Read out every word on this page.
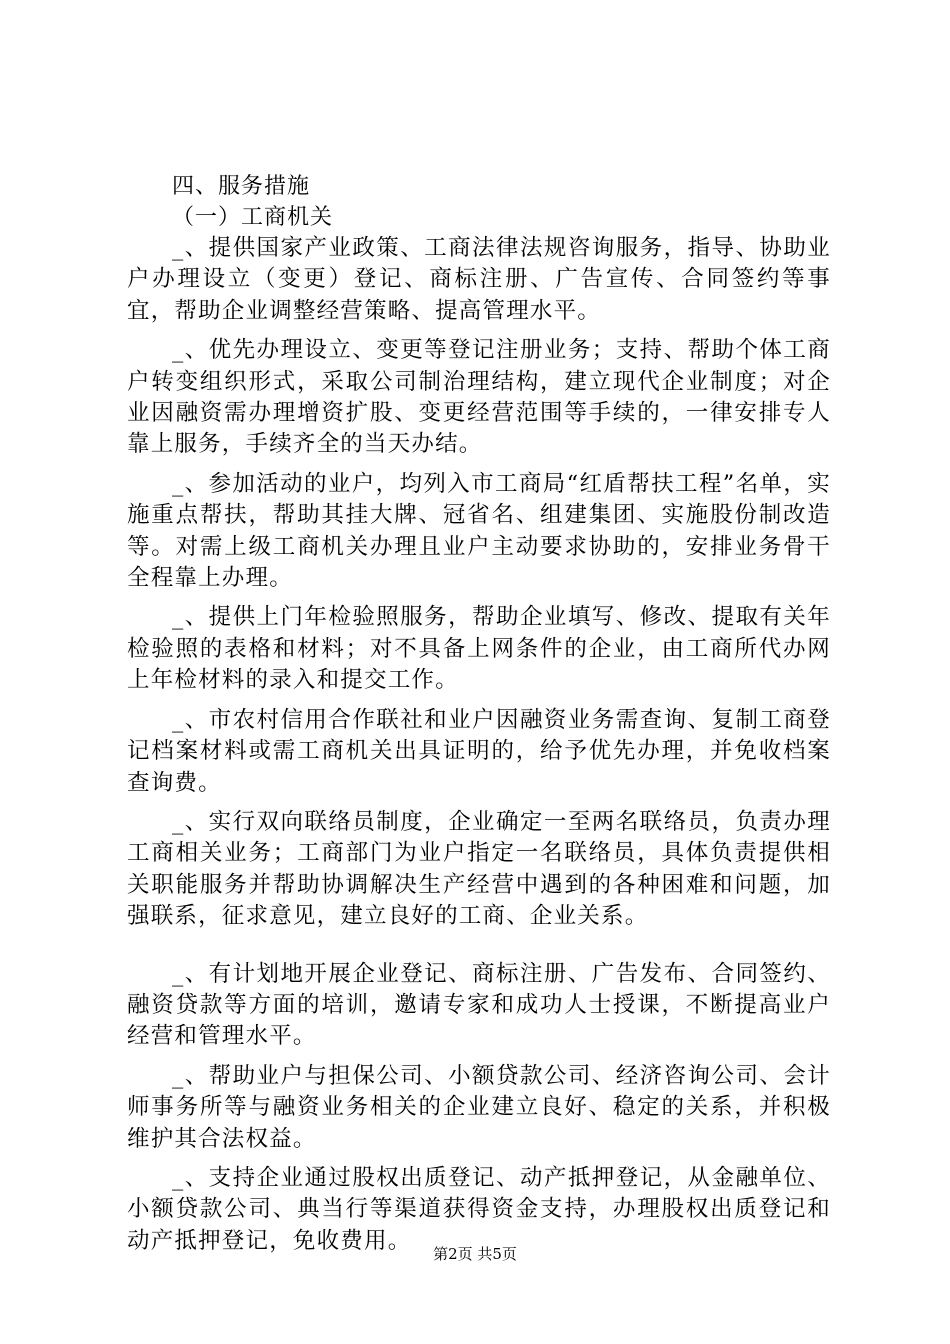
四、服务措施
（一）工商机关

_、提供国家产业政策、工商法律法规咨询服务，指导、协助业户办理设立（变更）登记、商标注册、广告宣传、合同签约等事宜，帮助企业调整经营策略、提高管理水平。

_、优先办理设立、变更等登记注册业务；支持、帮助个体工商户转变组织形式，采取公司制治理结构，建立现代企业制度；对企业因融资需办理增资扩股、变更经营范围等手续的，一律安排专人靠上服务，手续齐全的当天办结。

_、参加活动的业户，均列入市工商局“红盾帮扶工程”名单，实施重点帮扶，帮助其挂大牌、冠省名、组建集团、实施股份制改造等。对需上级工商机关办理且业户主动要求协助的，安排业务骨干全程靠上办理。

_、提供上门年检验照服务，帮助企业填写、修改、提取有关年检验照的表格和材料；对不具备上网条件的企业，由工商所代办网上年检材料的录入和提交工作。

_、市农村信用合作联社和业户因融资业务需查询、复制工商登记档案材料或需工商机关出具证明的，给予优先办理，并免收档案查询费。

_、实行双向联络员制度，企业确定一至两名联络员，负责办理工商相关业务；工商部门为业户指定一名联络员，具体负责提供相关职能服务并帮助协调解决生产经营中遇到的各种困难和问题，加强联系，征求意见，建立良好的工商、企业关系。

_、有计划地开展企业登记、商标注册、广告发布、合同签约、融资贷款等方面的培训，邀请专家和成功人士授课，不断提高业户经营和管理水平。

_、帮助业户与担保公司、小额贷款公司、经济咨询公司、会计师事务所等与融资业务相关的企业建立良好、稳定的关系，并积极维护其合法权益。

_、支持企业通过股权出质登记、动产抵押登记，从金融单位、小额贷款公司、典当行等渠道获得资金支持，办理股权出质登记和动产抵押登记，免收费用。

第2页 共5页
